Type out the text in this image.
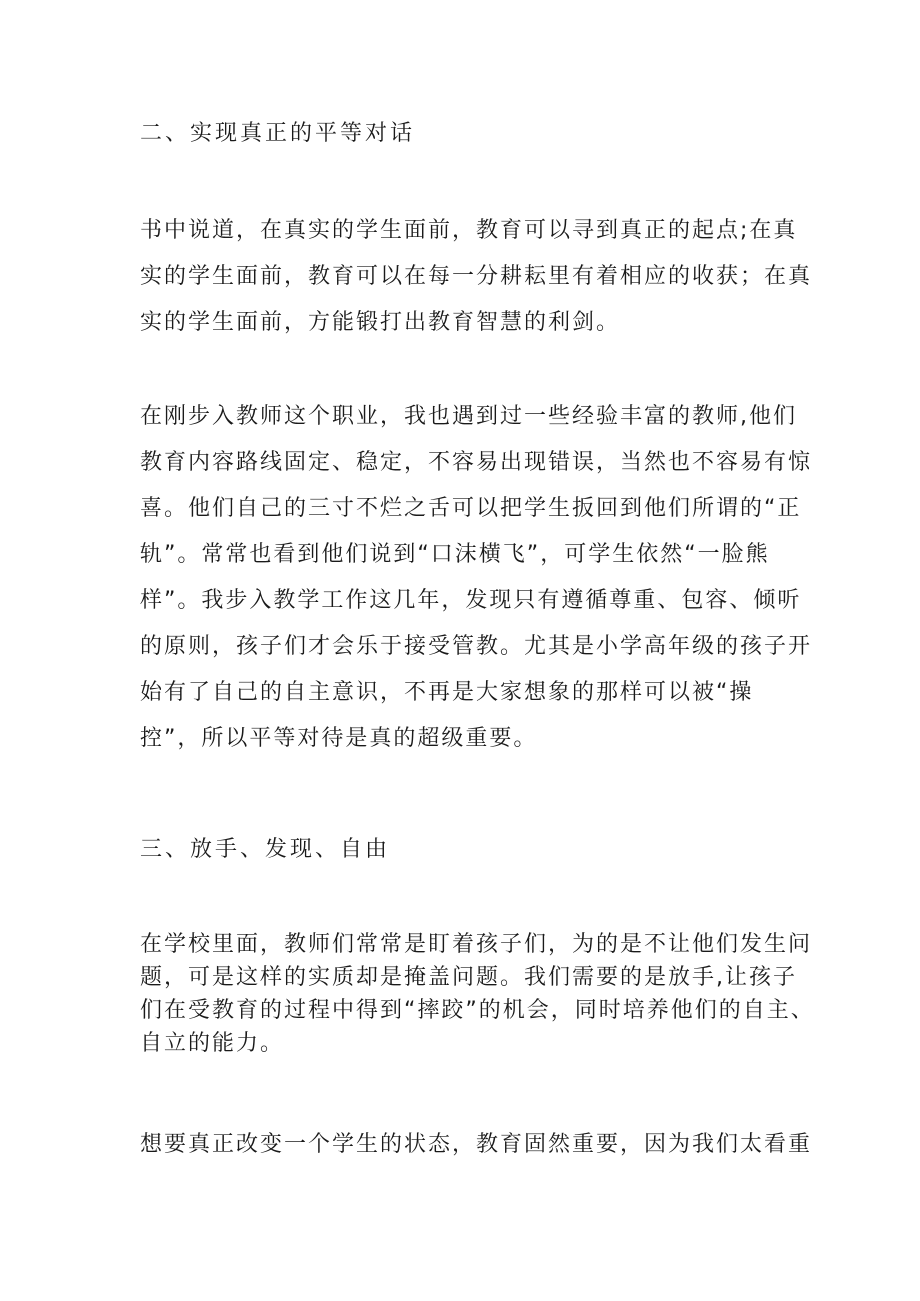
二、实现真正的平等对话

书中说道，在真实的学生面前，教育可以寻到真正的起点;在真
实的学生面前，教育可以在每一分耕耘里有着相应的收获；在真
实的学生面前，方能锻打出教育智慧的利剑。

在刚步入教师这个职业，我也遇到过一些经验丰富的教师,他们
教育内容路线固定、稳定，不容易出现错误，当然也不容易有惊
喜。他们自己的三寸不烂之舌可以把学生扳回到他们所谓的“正
轨”。常常也看到他们说到“口沫横飞”，可学生依然“一脸熊
样”。我步入教学工作这几年，发现只有遵循尊重、包容、倾听
的原则，孩子们才会乐于接受管教。尤其是小学高年级的孩子开
始有了自己的自主意识，不再是大家想象的那样可以被“操
控”，所以平等对待是真的超级重要。

三、放手、发现、自由

在学校里面，教师们常常是盯着孩子们，为的是不让他们发生问
题，可是这样的实质却是掩盖问题。我们需要的是放手,让孩子
们在受教育的过程中得到“摔跤”的机会，同时培养他们的自主、
自立的能力。

想要真正改变一个学生的状态，教育固然重要，因为我们太看重
